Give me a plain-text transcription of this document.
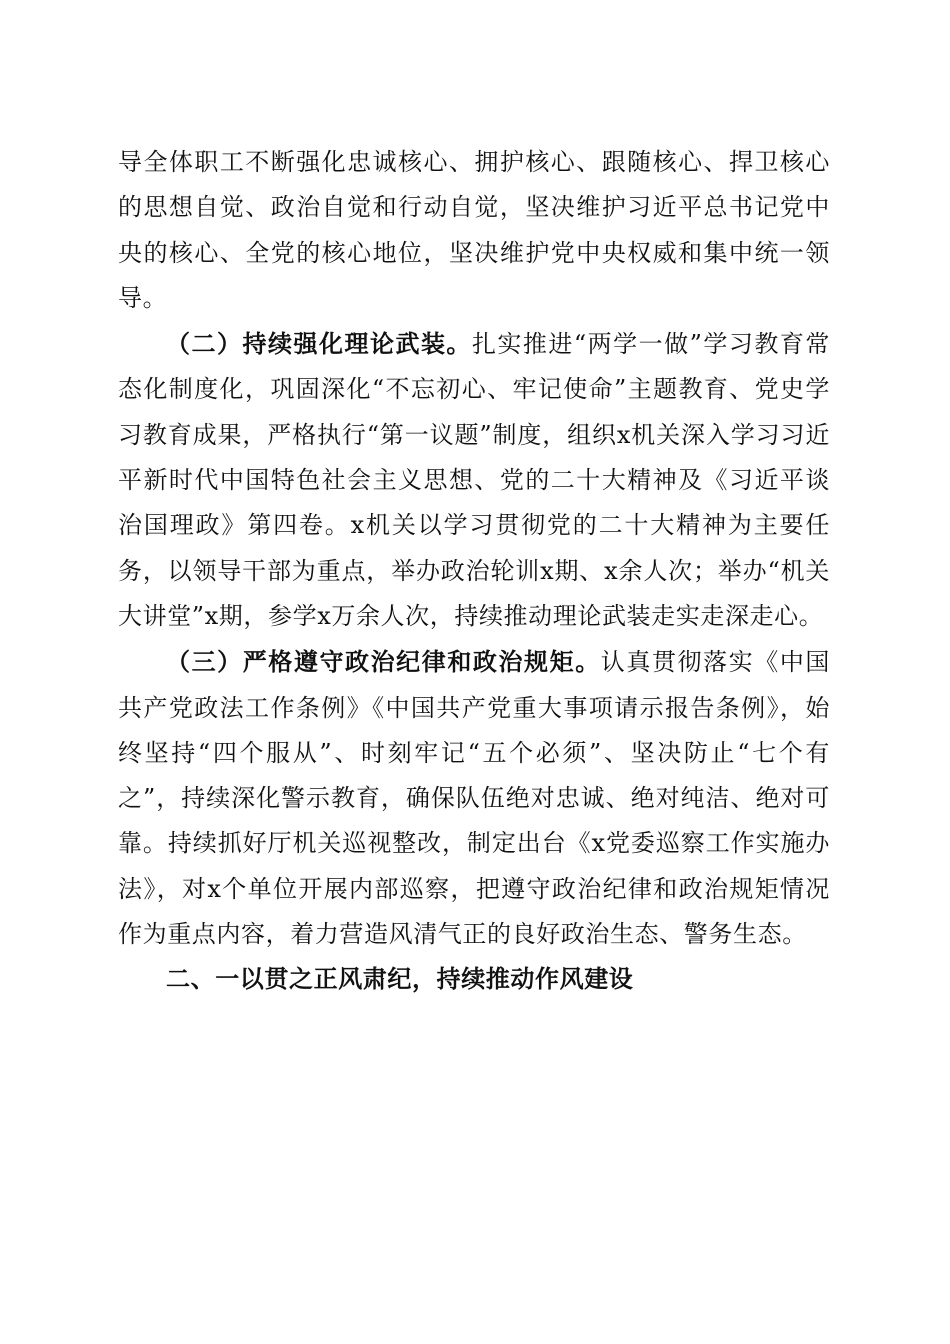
导全体职工不断强化忠诚核心、拥护核心、跟随核心、捍卫核心的思想自觉、政治自觉和行动自觉，坚决维护习近平总书记党中央的核心、全党的核心地位，坚决维护党中央权威和集中统一领导。

（二）持续强化理论武装。扎实推进“两学一做”学习教育常态化制度化，巩固深化“不忘初心、牢记使命”主题教育、党史学习教育成果，严格执行“第一议题”制度，组织x机关深入学习习近平新时代中国特色社会主义思想、党的二十大精神及《习近平谈治国理政》第四卷。x机关以学习贯彻党的二十大精神为主要任务，以领导干部为重点，举办政治轮训x期、x余人次；举办“机关大讲堂”x期，参学x万余人次，持续推动理论武装走实走深走心。

（三）严格遵守政治纪律和政治规矩。认真贯彻落实《中国共产党政法工作条例》《中国共产党重大事项请示报告条例》，始终坚持“四个服从”、时刻牢记“五个必须”、坚决防止“七个有之”，持续深化警示教育，确保队伍绝对忠诚、绝对纯洁、绝对可靠。持续抓好厅机关巡视整改，制定出台《x党委巡察工作实施办法》，对x个单位开展内部巡察，把遵守政治纪律和政治规矩情况作为重点内容，着力营造风清气正的良好政治生态、警务生态。

二、一以贯之正风肃纪，持续推动作风建设
